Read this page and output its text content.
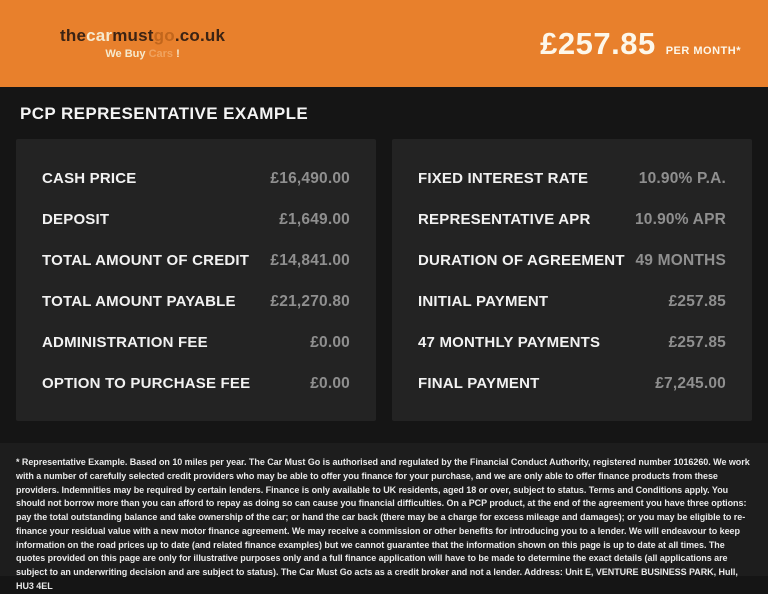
thecarmustgo.co.uk
We Buy Cars !	£257.85 PER MONTH*
PCP REPRESENTATIVE EXAMPLE
CASH PRICE	£16,490.00
DEPOSIT	£1,649.00
TOTAL AMOUNT OF CREDIT £14,841.00
TOTAL AMOUNT PAYABLE £21,270.80
ADMINISTRATION FEE	£0.00
OPTION TO PURCHASE FEE	£0.00
FIXED INTEREST RATE	10.90% P.A.
REPRESENTATIVE APR	10.90% APR
DURATION OF AGREEMENT 49 MONTHS
INITIAL PAYMENT	£257.85
47 MONTHLY PAYMENTS	£257.85
FINAL PAYMENT	£7,245.00
* Representative Example. Based on 10 miles per year. The Car Must Go is authorised and regulated by the Financial Conduct Authority, registered number 1016260. We work with a number of carefully selected credit providers who may be able to offer you finance for your purchase, and we are only able to offer finance products from these providers. Indemnities may be required by certain lenders. Finance is only available to UK residents, aged 18 or over, subject to status. Terms and Conditions apply. You should not borrow more than you can afford to repay as doing so can cause you financial difficulties. On a PCP product, at the end of the agreement you have three options: pay the total outstanding balance and take ownership of the car; or hand the car back (there may be a charge for excess mileage and damages); or you may be eligible to re-finance your residual value with a new motor finance agreement. We may receive a commission or other benefits for introducing you to a lender. We will endeavour to keep information on the road prices up to date (and related finance examples) but we cannot guarantee that the information shown on this page is up to date at all times. The quotes provided on this page are only for illustrative purposes only and a full finance application will have to be made to determine the exact details (all applications are subject to an underwriting decision and are subject to status). The Car Must Go acts as a credit broker and not a lender. Address: Unit E, VENTURE BUSINESS PARK, Hull, HU3 4EL
